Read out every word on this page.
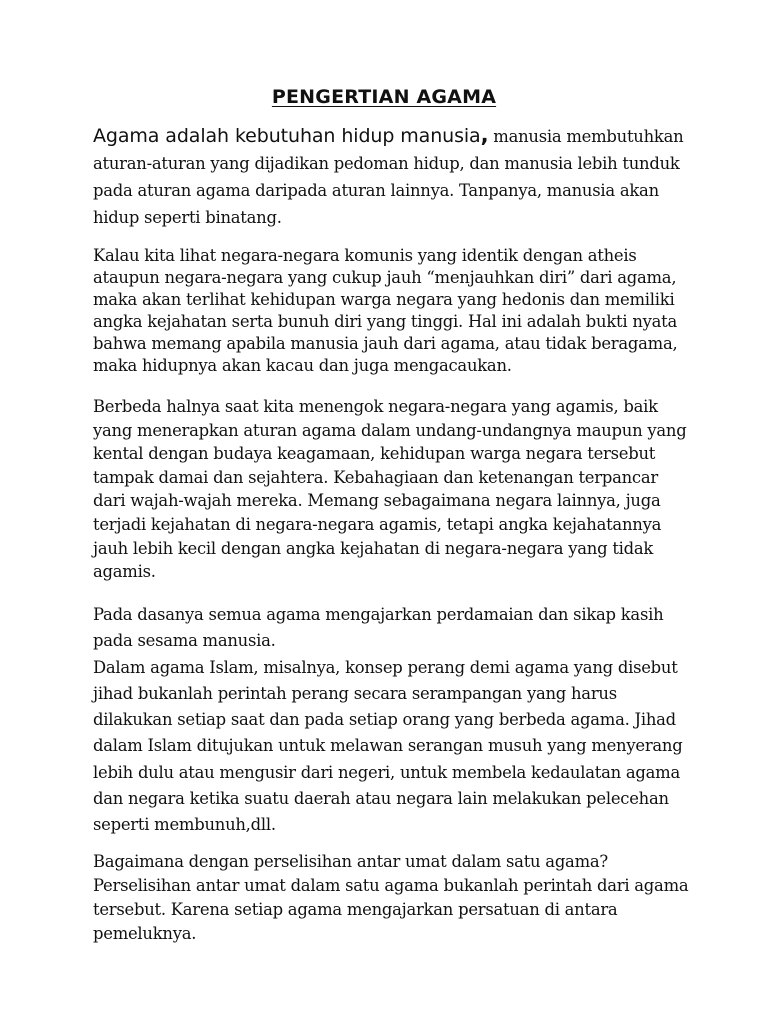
PENGERTIAN AGAMA

Agama adalah kebutuhan hidup manusia, manusia membutuhkan aturan-aturan yang dijadikan pedoman hidup, dan manusia lebih tunduk pada aturan agama daripada aturan lainnya. Tanpanya, manusia akan hidup seperti binatang.

Kalau kita lihat negara-negara komunis yang identik dengan atheis ataupun negara-negara yang cukup jauh “menjauhkan diri” dari agama, maka akan terlihat kehidupan warga negara yang hedonis dan memiliki angka kejahatan serta bunuh diri yang tinggi. Hal ini adalah bukti nyata bahwa memang apabila manusia jauh dari agama, atau tidak beragama, maka hidupnya akan kacau dan juga mengacaukan.

Berbeda halnya saat kita menengok negara-negara yang agamis, baik yang menerapkan aturan agama dalam undang-undangnya maupun yang kental dengan budaya keagamaan, kehidupan warga negara tersebut tampak damai dan sejahtera. Kebahagiaan dan ketenangan terpancar dari wajah-wajah mereka. Memang sebagaimana negara lainnya, juga terjadi kejahatan di negara-negara agamis, tetapi angka kejahatannya jauh lebih kecil dengan angka kejahatan di negara-negara yang tidak agamis.

Pada dasanya semua agama mengajarkan perdamaian dan sikap kasih pada sesama manusia.

Dalam agama Islam, misalnya, konsep perang demi agama yang disebut jihad bukanlah perintah perang secara serampangan yang harus dilakukan setiap saat dan pada setiap orang yang berbeda agama. Jihad dalam Islam ditujukan untuk melawan serangan musuh yang menyerang lebih dulu atau mengusir dari negeri, untuk membela kedaulatan agama dan negara ketika suatu daerah atau negara lain melakukan pelecehan seperti membunuh,dll.

Bagaimana dengan perselisihan antar umat dalam satu agama? Perselisihan antar umat dalam satu agama bukanlah perintah dari agama tersebut. Karena setiap agama mengajarkan persatuan di antara pemeluknya.
